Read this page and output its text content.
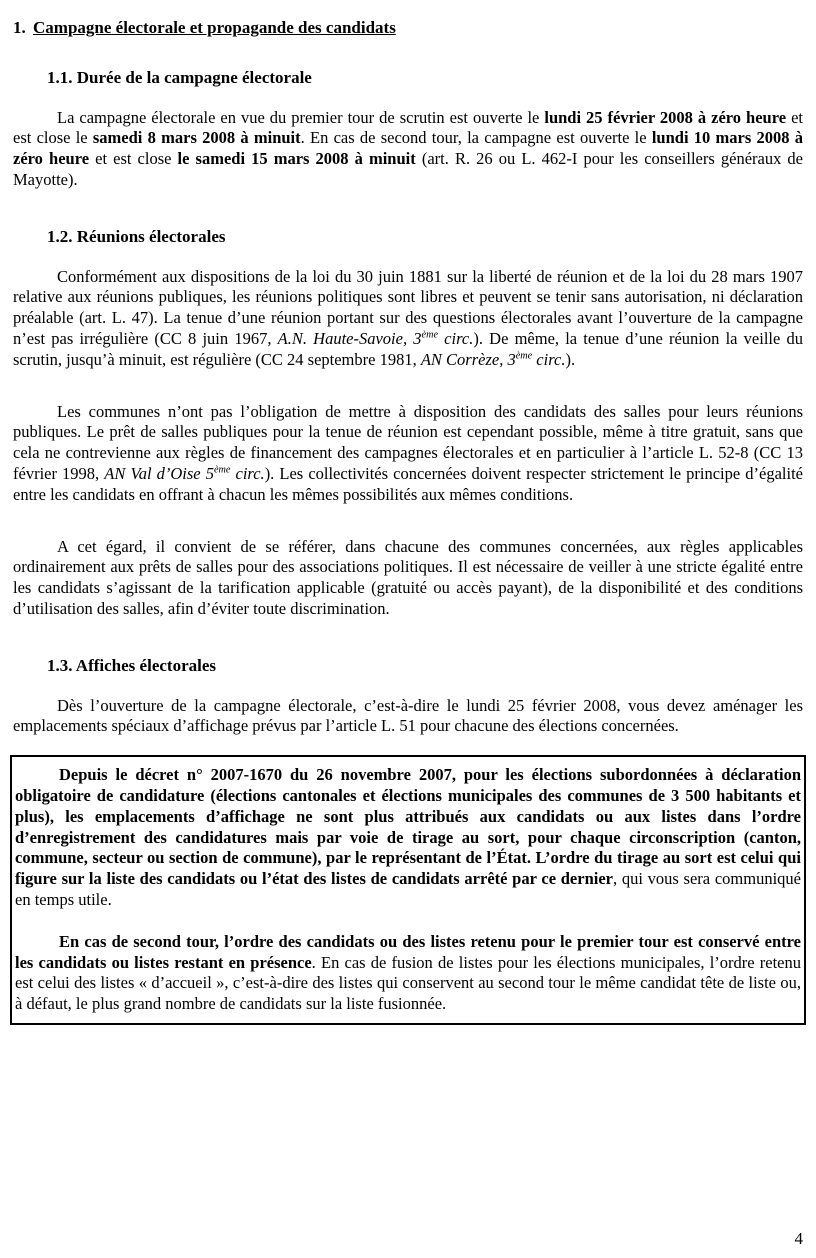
1. Campagne électorale et propagande des candidats
1.1. Durée de la campagne électorale

La campagne électorale en vue du premier tour de scrutin est ouverte le lundi 25 février 2008 à zéro heure et est close le samedi 8 mars 2008 à minuit. En cas de second tour, la campagne est ouverte le lundi 10 mars 2008 à zéro heure et est close le samedi 15 mars 2008 à minuit (art. R. 26 ou L. 462-I pour les conseillers généraux de Mayotte).

1.2. Réunions électorales

Conformément aux dispositions de la loi du 30 juin 1881 sur la liberté de réunion et de la loi du 28 mars 1907 relative aux réunions publiques, les réunions politiques sont libres et peuvent se tenir sans autorisation, ni déclaration préalable (art. L. 47). La tenue d’une réunion portant sur des questions électorales avant l’ouverture de la campagne n’est pas irrégulière (CC 8 juin 1967, A.N. Haute-Savoie, 3ème circ.). De même, la tenue d’une réunion la veille du scrutin, jusqu’à minuit, est régulière (CC 24 septembre 1981, AN Corrèze, 3ème circ.).

Les communes n’ont pas l’obligation de mettre à disposition des candidats des salles pour leurs réunions publiques. Le prêt de salles publiques pour la tenue de réunion est cependant possible, même à titre gratuit, sans que cela ne contrevienne aux règles de financement des campagnes électorales et en particulier à l’article L. 52-8 (CC 13 février 1998, AN Val d’Oise 5ème circ.). Les collectivités concernées doivent respecter strictement le principe d’égalité entre les candidats en offrant à chacun les mêmes possibilités aux mêmes conditions.

A cet égard, il convient de se référer, dans chacune des communes concernées, aux règles applicables ordinairement aux prêts de salles pour des associations politiques. Il est nécessaire de veiller à une stricte égalité entre les candidats s’agissant de la tarification applicable (gratuité ou accès payant), de la disponibilité et des conditions d’utilisation des salles, afin d’éviter toute discrimination.

1.3. Affiches électorales

Dès l’ouverture de la campagne électorale, c’est-à-dire le lundi 25 février 2008, vous devez aménager les emplacements spéciaux d’affichage prévus par l’article L. 51 pour chacune des élections concernées.

Depuis le décret n° 2007-1670 du 26 novembre 2007, pour les élections subordonnées à déclaration obligatoire de candidature (élections cantonales et élections municipales des communes de 3 500 habitants et plus), les emplacements d’affichage ne sont plus attribués aux candidats ou aux listes dans l’ordre d’enregistrement des candidatures mais par voie de tirage au sort, pour chaque circonscription (canton, commune, secteur ou section de commune), par le représentant de l’État. L’ordre du tirage au sort est celui qui figure sur la liste des candidats ou l’état des listes de candidats arrêté par ce dernier, qui vous sera communiqué en temps utile.

En cas de second tour, l’ordre des candidats ou des listes retenu pour le premier tour est conservé entre les candidats ou listes restant en présence. En cas de fusion de listes pour les élections municipales, l’ordre retenu est celui des listes « d’accueil », c’est-à-dire des listes qui conservent au second tour le même candidat tête de liste ou, à défaut, le plus grand nombre de candidats sur la liste fusionnée.

4
